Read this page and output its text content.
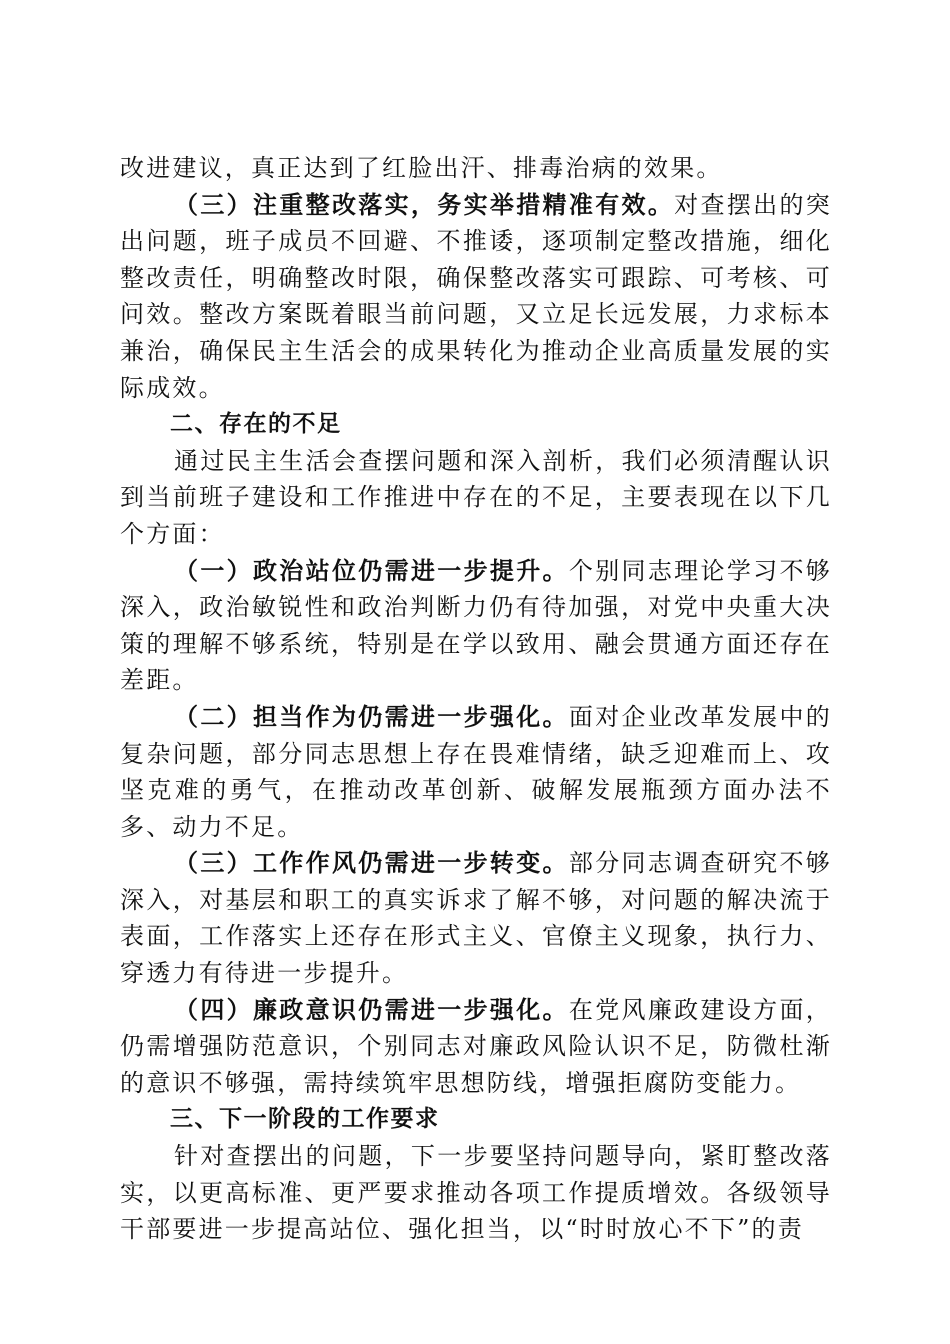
改进建议，真正达到了红脸出汗、排毒治病的效果。

（三）注重整改落实，务实举措精准有效。对查摆出的突出问题，班子成员不回避、不推诿，逐项制定整改措施，细化整改责任，明确整改时限，确保整改落实可跟踪、可考核、可问效。整改方案既着眼当前问题，又立足长远发展，力求标本兼治，确保民主生活会的成果转化为推动企业高质量发展的实际成效。

二、存在的不足

通过民主生活会查摆问题和深入剖析，我们必须清醒认识到当前班子建设和工作推进中存在的不足，主要表现在以下几个方面：

（一）政治站位仍需进一步提升。个别同志理论学习不够深入，政治敏锐性和政治判断力仍有待加强，对党中央重大决策的理解不够系统，特别是在学以致用、融会贯通方面还存在差距。

（二）担当作为仍需进一步强化。面对企业改革发展中的复杂问题，部分同志思想上存在畏难情绪，缺乏迎难而上、攻坚克难的勇气，在推动改革创新、破解发展瓶颈方面办法不多、动力不足。

（三）工作作风仍需进一步转变。部分同志调查研究不够深入，对基层和职工的真实诉求了解不够，对问题的解决流于表面，工作落实上还存在形式主义、官僚主义现象，执行力、穿透力有待进一步提升。

（四）廉政意识仍需进一步强化。在党风廉政建设方面，仍需增强防范意识，个别同志对廉政风险认识不足，防微杜渐的意识不够强，需持续筑牢思想防线，增强拒腐防变能力。

三、下一阶段的工作要求

针对查摆出的问题，下一步要坚持问题导向，紧盯整改落实，以更高标准、更严要求推动各项工作提质增效。各级领导干部要进一步提高站位、强化担当，以“时时放心不下”的责
